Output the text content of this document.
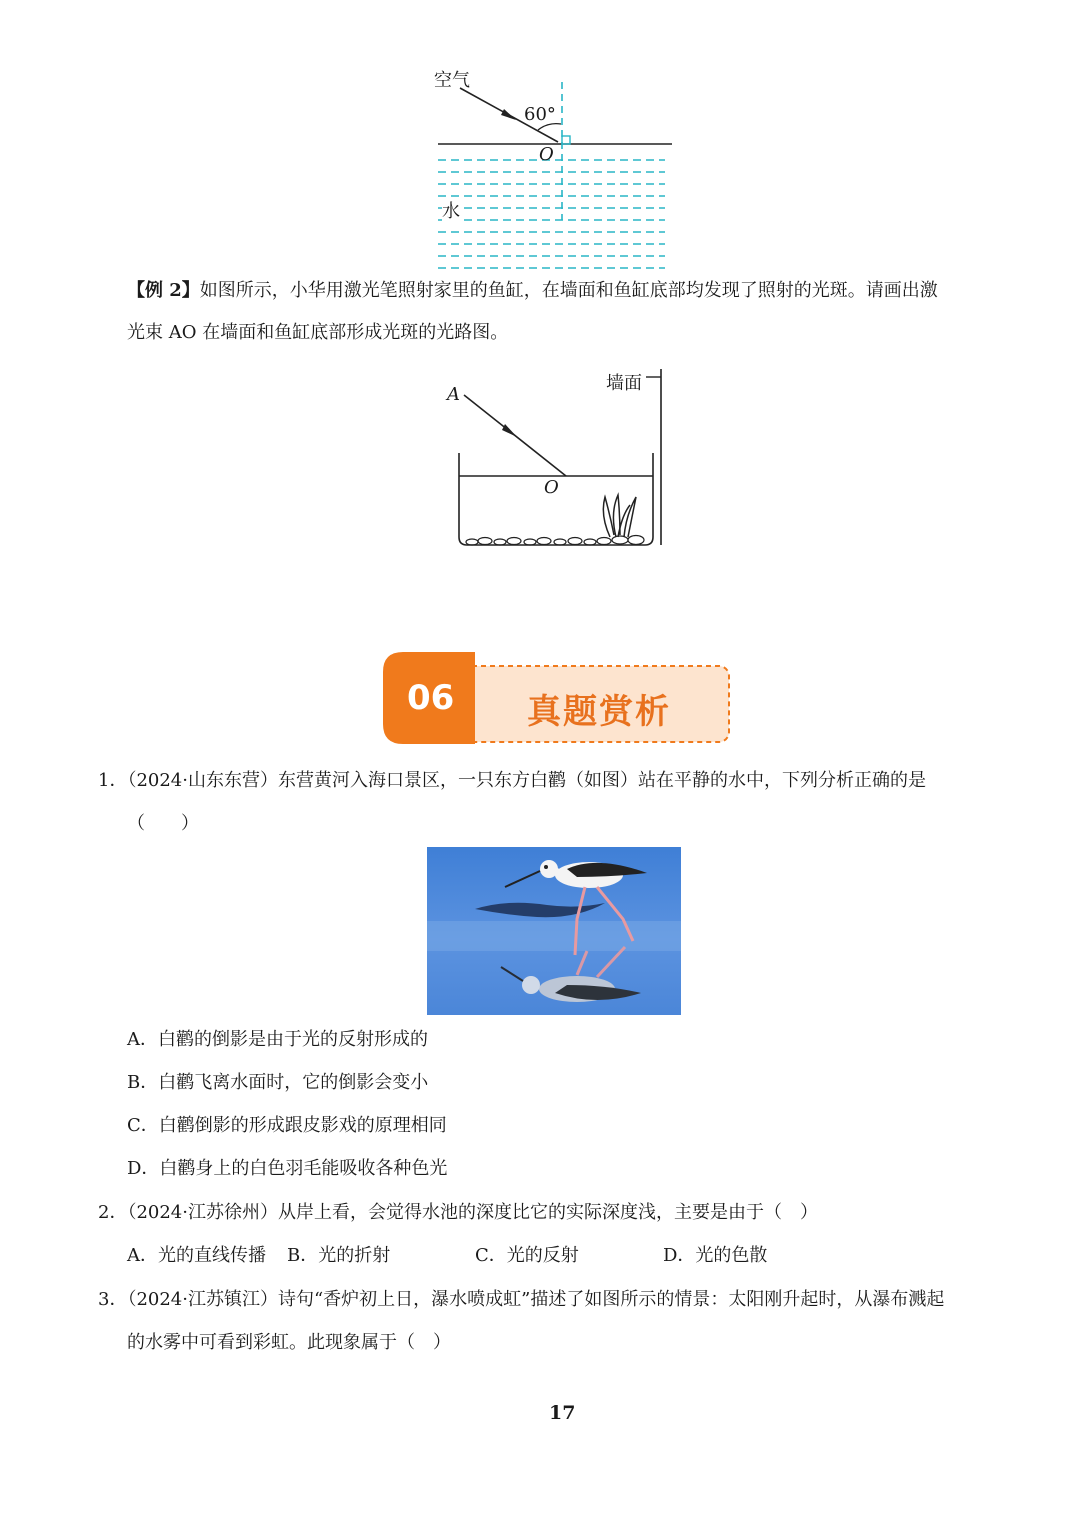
空气
60°
O
水
【例 2】如图所示，小华用激光笔照射家里的鱼缸，在墙面和鱼缸底部均发现了照射的光斑。请画出激
光束 AO 在墙面和鱼缸底部形成光斑的光路图。
墙面
A
O
06 真题赏析
1．（2024·山东东营）东营黄河入海口景区，一只东方白鹳（如图）站在平静的水中，下列分析正确的是
（　　）
A．白鹳的倒影是由于光的反射形成的
B．白鹳飞离水面时，它的倒影会变小
C．白鹳倒影的形成跟皮影戏的原理相同
D．白鹳身上的白色羽毛能吸收各种色光
2．（2024·江苏徐州）从岸上看，会觉得水池的深度比它的实际深度浅，主要是由于（　）
A．光的直线传播 B．光的折射	C．光的反射	D．光的色散
3．（2024·江苏镇江）诗句“香炉初上日，瀑水喷成虹”描述了如图所示的情景：太阳刚升起时，从瀑布溅起
的水雾中可看到彩虹。此现象属于（　）
17
